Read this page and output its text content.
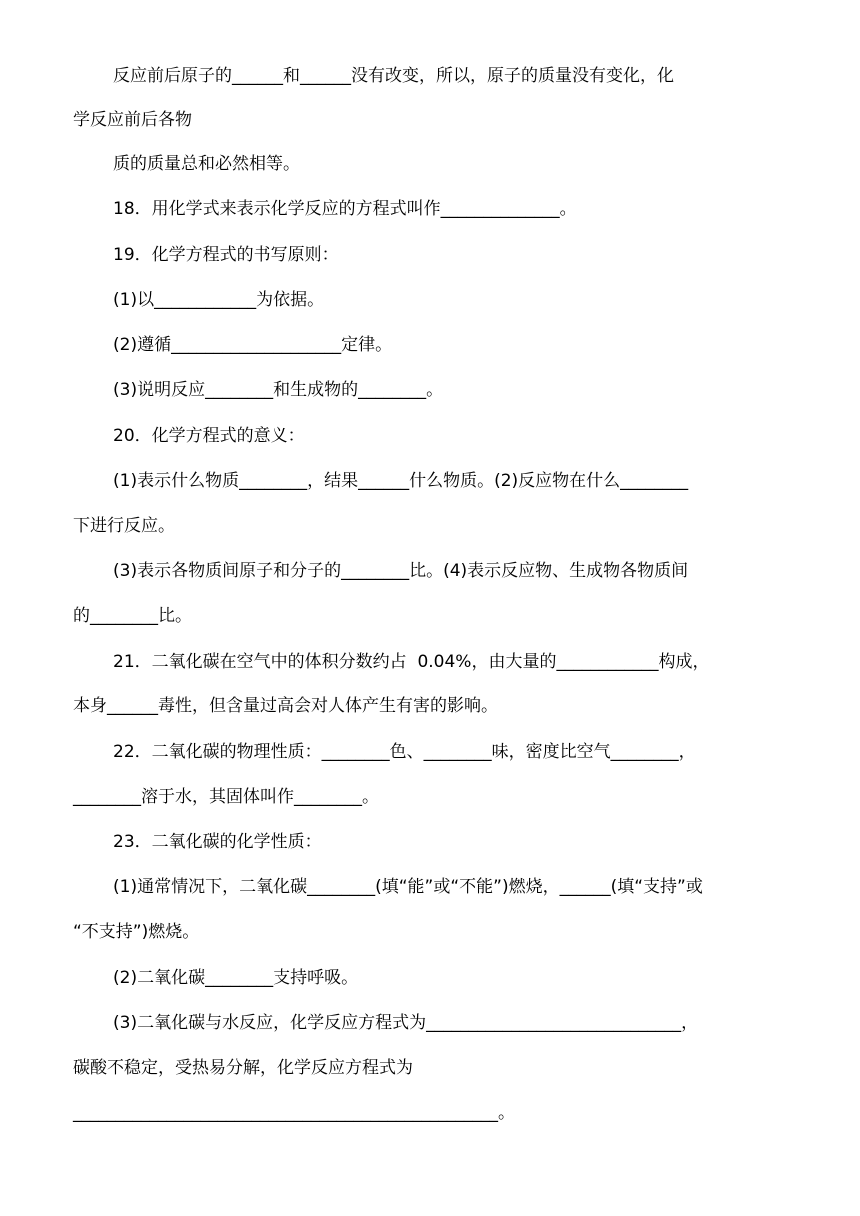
反应前后原子的______和______没有改变，所以，原子的质量没有变化，化
学反应前后各物
质的质量总和必然相等。
18．用化学式来表示化学反应的方程式叫作______________。
19．化学方程式的书写原则：
(1)以____________为依据。
(2)遵循____________________定律。
(3)说明反应________和生成物的________。
20．化学方程式的意义：
(1)表示什么物质________，结果______什么物质。(2)反应物在什么________
下进行反应。
(3)表示各物质间原子和分子的________比。(4)表示反应物、生成物各物质间
的________比。
21．二氧化碳在空气中的体积分数约占  0.04%，由大量的____________构成，
本身______毒性，但含量过高会对人体产生有害的影响。
22．二氧化碳的物理性质：________色、________味，密度比空气________，
________溶于水，其固体叫作________。
23．二氧化碳的化学性质：
(1)通常情况下，二氧化碳________(填“能”或“不能”)燃烧，______(填“支持”或
“不支持”)燃烧。
(2)二氧化碳________支持呼吸。
(3)二氧化碳与水反应，化学反应方程式为______________________________，
碳酸不稳定，受热易分解，化学反应方程式为
__________________________________________________。
